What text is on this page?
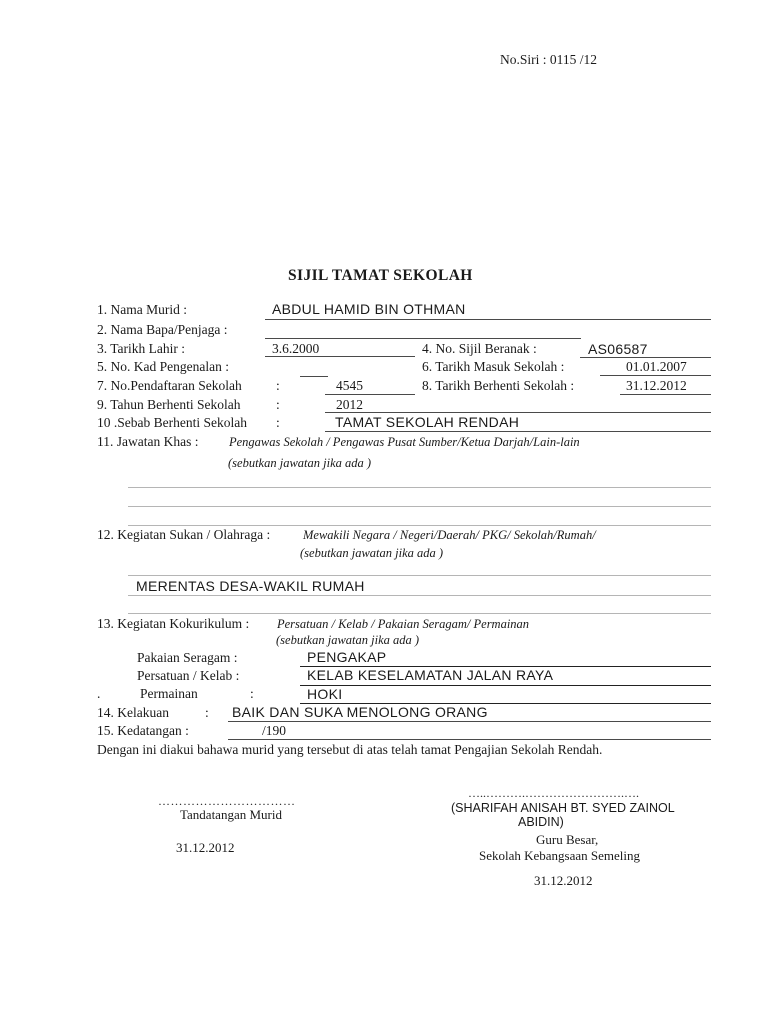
No.Siri : 0115 /12
SIJIL TAMAT SEKOLAH
1. Nama Murid :	ABDUL HAMID BIN OTHMAN
2. Nama Bapa/Penjaga :
3. Tarikh Lahir :	3.6.2000	4. No. Sijil Beranak :	AS06587
5. No. Kad Pengenalan :	6. Tarikh Masuk Sekolah :	01.01.2007
7. No.Pendaftaran Sekolah	:	4545	8. Tarikh Berhenti Sekolah :	31.12.2012
9. Tahun Berhenti Sekolah	:	2012
10 .Sebab Berhenti Sekolah :	TAMAT SEKOLAH RENDAH
11. Jawatan Khas : Pengawas Sekolah / Pengawas Pusat Sumber/Ketua Darjah/Lain-lain
(sebutkan jawatan jika ada )
12. Kegiatan Sukan / Olahraga :	Mewakili Negara / Negeri/Daerah/ PKG/ Sekolah/Rumah/
(sebutkan jawatan jika ada )
MERENTAS DESA-WAKIL RUMAH
13. Kegiatan Kokurikulum : Persatuan / Kelab / Pakaian Seragam/ Permainan
(sebutkan jawatan jika ada )
Pakaian Seragam :	PENGAKAP
Persatuan / Kelab :	KELAB KESELAMATAN JALAN RAYA
.	Permainan	:	HOKI
14. Kelakuan	: BAIK DAN SUKA MENOLONG ORANG
15. Kedatangan :	/190
Dengan ini diakui bahawa murid yang tersebut di atas telah tamat Pengajian Sekolah Rendah.
……………………………
Tandatangan Murid
31.12.2012
…..……….…………………….….
(SHARIFAH ANISAH BT. SYED ZAINOL
ABIDIN)
Guru Besar,
Sekolah Kebangsaan Semeling
31.12.2012
